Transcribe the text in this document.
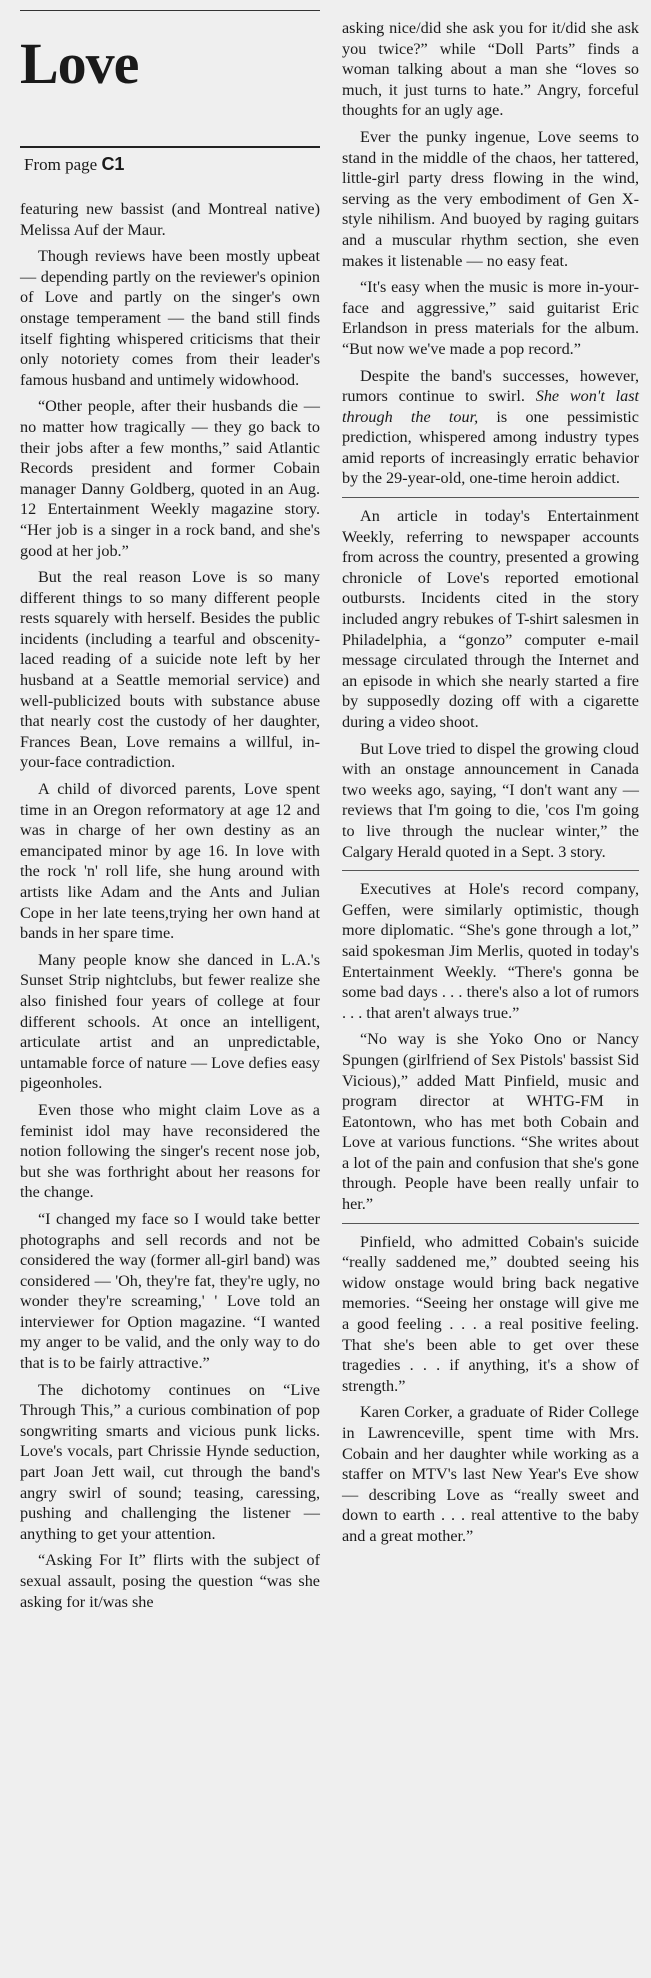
Love
From page C1

featuring new bassist (and Montreal native) Melissa Auf der Maur.

Though reviews have been mostly upbeat — depending partly on the reviewer's opinion of Love and partly on the singer's own onstage temperament — the band still finds itself fighting whispered criticisms that their only notoriety comes from their leader's famous husband and untimely widowhood.

“Other people, after their husbands die — no matter how tragically — they go back to their jobs after a few months,” said Atlantic Records president and former Cobain manager Danny Goldberg, quoted in an Aug. 12 Entertainment Weekly magazine story. “Her job is a singer in a rock band, and she's good at her job.”

But the real reason Love is so many different things to so many different people rests squarely with herself. Besides the public incidents (including a tearful and obscenity-laced reading of a suicide note left by her husband at a Seattle memorial service) and well-publicized bouts with substance abuse that nearly cost the custody of her daughter, Frances Bean, Love remains a willful, in-your-face contradiction.

A child of divorced parents, Love spent time in an Oregon reformatory at age 12 and was in charge of her own destiny as an emancipated minor by age 16. In love with the rock 'n' roll life, she hung around with artists like Adam and the Ants and Julian Cope in her late teens,trying her own hand at bands in her spare time.

Many people know she danced in L.A.'s Sunset Strip nightclubs, but fewer realize she also finished four years of college at four different schools. At once an intelligent, articulate artist and an unpredictable, untamable force of nature — Love defies easy pigeonholes.

Even those who might claim Love as a feminist idol may have reconsidered the notion following the singer's recent nose job, but she was forthright about her reasons for the change.

“I changed my face so I would take better photographs and sell records and not be considered the way (former all-girl band) was considered — 'Oh, they're fat, they're ugly, no wonder they're screaming,' ' Love told an interviewer for Option magazine. “I wanted my anger to be valid, and the only way to do that is to be fairly attractive.”

The dichotomy continues on “Live Through This,” a curious combination of pop songwriting smarts and vicious punk licks. Love's vocals, part Chrissie Hynde seduction, part Joan Jett wail, cut through the band's angry swirl of sound; teasing, caressing, pushing and challenging the listener — anything to get your attention.

“Asking For It” flirts with the subject of sexual assault, posing the question “was she asking for it/was she

asking nice/did she ask you for it/did she ask you twice?” while “Doll Parts” finds a woman talking about a man she “loves so much, it just turns to hate.” Angry, forceful thoughts for an ugly age.

Ever the punky ingenue, Love seems to stand in the middle of the chaos, her tattered, little-girl party dress flowing in the wind, serving as the very embodiment of Gen X-style nihilism. And buoyed by raging guitars and a muscular rhythm section, she even makes it listenable — no easy feat.

“It's easy when the music is more in-your-face and aggressive,” said guitarist Eric Erlandson in press materials for the album. “But now we've made a pop record.”

Despite the band's successes, however, rumors continue to swirl. She won't last through the tour, is one pessimistic prediction, whispered among industry types amid reports of increasingly erratic behavior by the 29-year-old, one-time heroin addict.

An article in today's Entertainment Weekly, referring to newspaper accounts from across the country, presented a growing chronicle of Love's reported emotional outbursts. Incidents cited in the story included angry rebukes of T-shirt salesmen in Philadelphia, a “gonzo” computer e-mail message circulated through the Internet and an episode in which she nearly started a fire by supposedly dozing off with a cigarette during a video shoot.

But Love tried to dispel the growing cloud with an onstage announcement in Canada two weeks ago, saying, “I don't want any — reviews that I'm going to die, 'cos I'm going to live through the nuclear winter,” the Calgary Herald quoted in a Sept. 3 story.

Executives at Hole's record company, Geffen, were similarly optimistic, though more diplomatic. “She's gone through a lot,” said spokesman Jim Merlis, quoted in today's Entertainment Weekly. “There's gonna be some bad days . . . there's also a lot of rumors . . . that aren't always true.”

“No way is she Yoko Ono or Nancy Spungen (girlfriend of Sex Pistols' bassist Sid Vicious),” added Matt Pinfield, music and program director at WHTG-FM in Eatontown, who has met both Cobain and Love at various functions. “She writes about a lot of the pain and confusion that she's gone through. People have been really unfair to her.”

Pinfield, who admitted Cobain's suicide “really saddened me,” doubted seeing his widow onstage would bring back negative memories. “Seeing her onstage will give me a good feeling . . . a real positive feeling. That she's been able to get over these tragedies . . . if anything, it's a show of strength.”

Karen Corker, a graduate of Rider College in Lawrenceville, spent time with Mrs. Cobain and her daughter while working as a staffer on MTV's last New Year's Eve show — describing Love as “really sweet and down to earth . . . real attentive to the baby and a great mother.”
